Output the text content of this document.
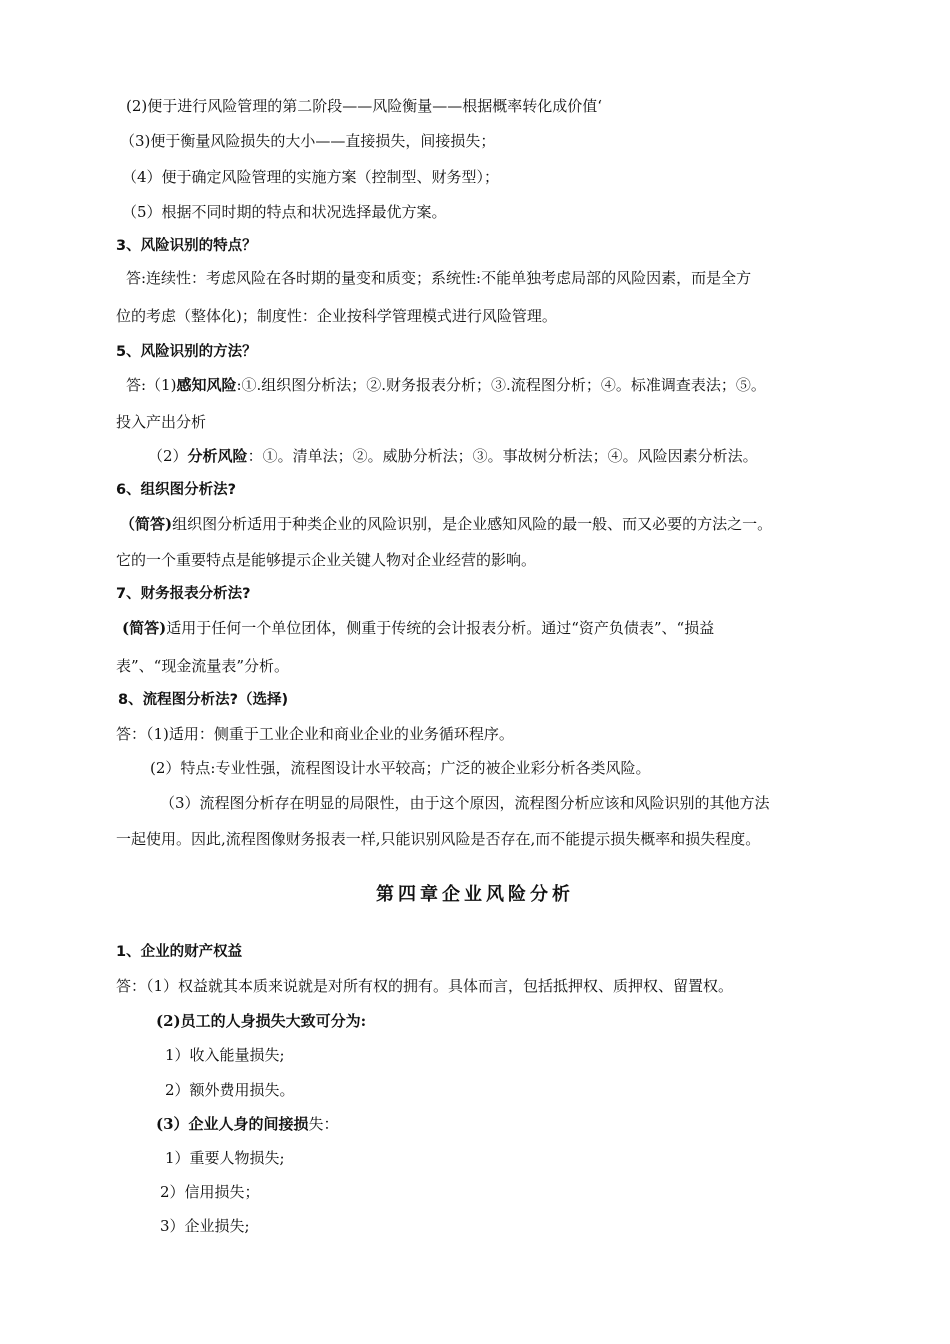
(2)便于进行风险管理的第二阶段——风险衡量——根据概率转化成价值‘
（3)便于衡量风险损失的大小——直接损失，间接损失；
（4）便于确定风险管理的实施方案（控制型、财务型）；
（5）根据不同时期的特点和状况选择最优方案。
3、风险识别的特点？
答:连续性：考虑风险在各时期的量变和质变；系统性:不能单独考虑局部的风险因素，而是全方
位的考虑（整体化)；制度性：企业按科学管理模式进行风险管理。
5、风险识别的方法？
答:（1)感知风险:①.组织图分析法；②.财务报表分析；③.流程图分析；④。标准调查表法；⑤。
投入产出分析
（2）分析风险：①。清单法；②。威胁分析法；③。事故树分析法；④。风险因素分析法。
6、组织图分析法?
（简答)组织图分析适用于种类企业的风险识别，是企业感知风险的最一般、而又必要的方法之一。
它的一个重要特点是能够提示企业关键人物对企业经营的影响。
7、财务报表分析法?
(简答)适用于任何一个单位团体，侧重于传统的会计报表分析。通过“资产负债表”、“损益
表”、“现金流量表”分析。
8、流程图分析法?（选择)
答：（1)适用：侧重于工业企业和商业企业的业务循环程序。
(2）特点:专业性强，流程图设计水平较高；广泛的被企业彩分析各类风险。
（3）流程图分析存在明显的局限性，由于这个原因，流程图分析应该和风险识别的其他方法
一起使用。因此,流程图像财务报表一样,只能识别风险是否存在,而不能提示损失概率和损失程度。
第四章企业风险分析
1、企业的财产权益
答：（1）权益就其本质来说就是对所有权的拥有。具体而言，包括抵押权、质押权、留置权。
(2)员工的人身损失大致可分为:
1）收入能量损失;
2）额外费用损失。
(3）企业人身的间接损失：
1）重要人物损失;
2）信用损失；
3）企业损失;
